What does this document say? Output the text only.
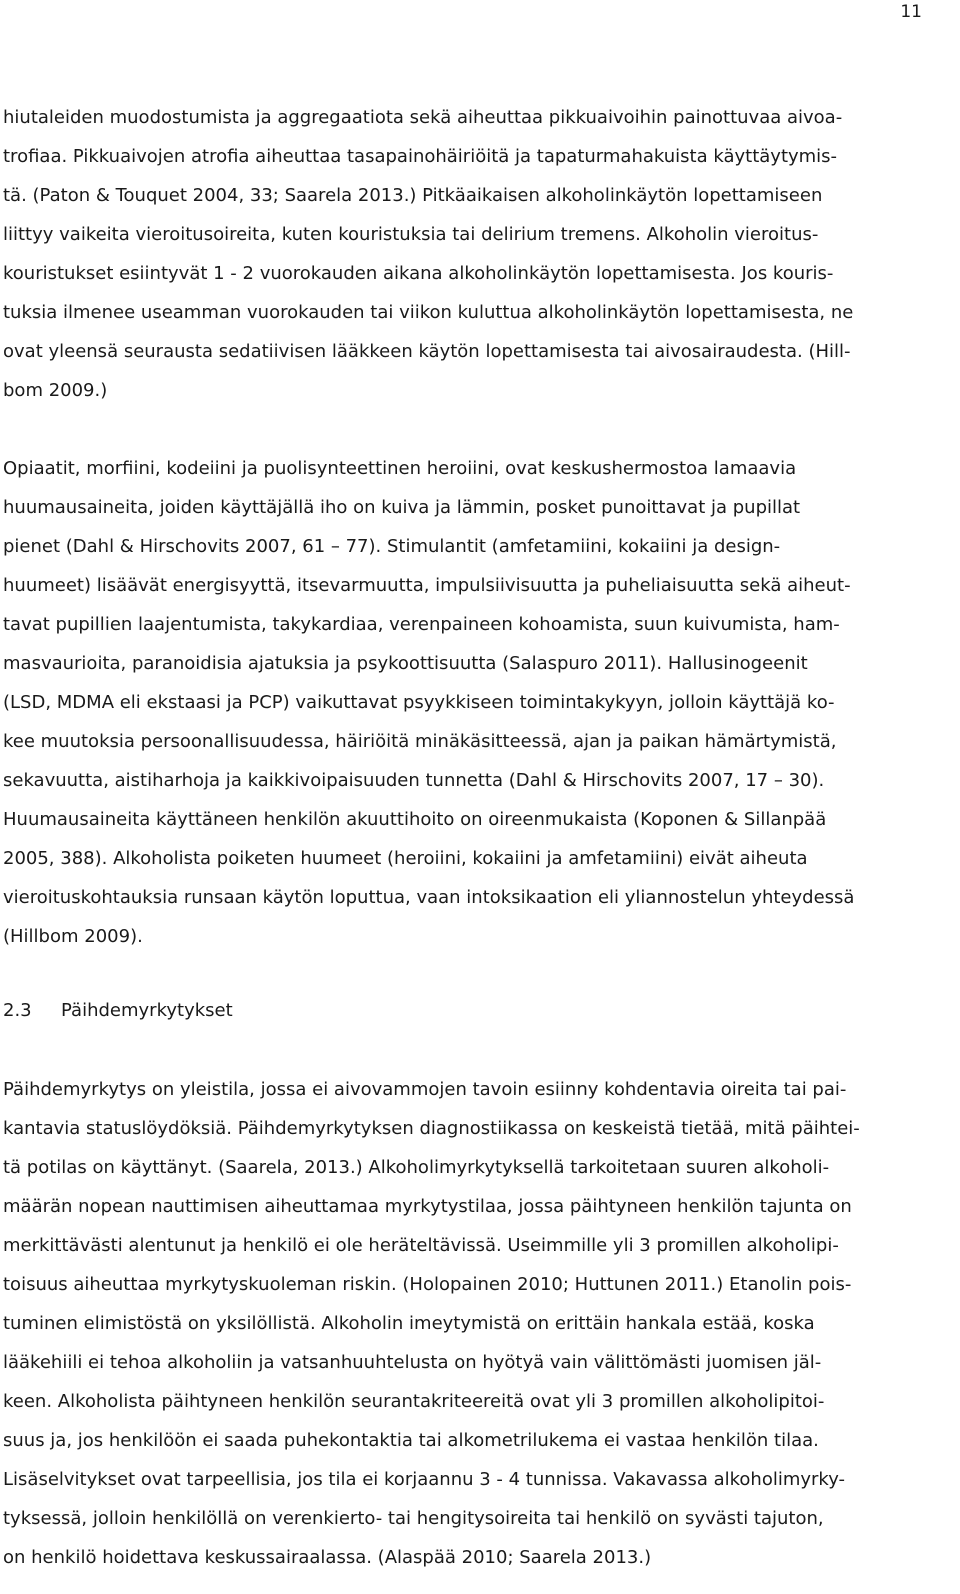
11
hiutaleiden muodostumista ja aggregaatiota sekä aiheuttaa pikkuaivoihin painottuvaa aivoa-
trofiaa. Pikkuaivojen atrofia aiheuttaa tasapainohäiriöitä ja tapaturmahakuista käyttäytymis-
tä. (Paton & Touquet 2004, 33; Saarela 2013.) Pitkäaikaisen alkoholinkäytön lopettamiseen
liittyy vaikeita vieroitusoireita, kuten kouristuksia tai delirium tremens. Alkoholin vieroitus-
kouristukset esiintyvät 1 - 2 vuorokauden aikana alkoholinkäytön lopettamisesta. Jos kouris-
tuksia ilmenee useamman vuorokauden tai viikon kuluttua alkoholinkäytön lopettamisesta, ne
ovat yleensä seurausta sedatiivisen lääkkeen käytön lopettamisesta tai aivosairaudesta. (Hill-
bom 2009.)
Opiaatit, morfiini, kodeiini ja puolisynteettinen heroiini, ovat keskushermostoa lamaavia
huumausaineita, joiden käyttäjällä iho on kuiva ja lämmin, posket punoittavat ja pupillat
pienet (Dahl & Hirschovits 2007, 61 – 77). Stimulantit (amfetamiini, kokaiini ja design-
huumeet) lisäävät energisyyttä, itsevarmuutta, impulsiivisuutta ja puheliaisuutta sekä aiheut-
tavat pupillien laajentumista, takykardiaa, verenpaineen kohoamista, suun kuivumista, ham-
masvaurioita, paranoidisia ajatuksia ja psykoottisuutta (Salaspuro 2011). Hallusinogeenit
(LSD, MDMA eli ekstaasi ja PCP) vaikuttavat psyykkiseen toimintakykyyn, jolloin käyttäjä ko-
kee muutoksia persoonallisuudessa, häiriöitä minäkäsitteessä, ajan ja paikan hämärtymistä,
sekavuutta, aistiharhoja ja kaikkivoipaisuuden tunnetta (Dahl & Hirschovits 2007, 17 – 30).
Huumausaineita käyttäneen henkilön akuuttihoito on oireenmukaista (Koponen & Sillanpää
2005, 388). Alkoholista poiketen huumeet (heroiini, kokaiini ja amfetamiini) eivät aiheuta
vieroituskohtauksia runsaan käytön loputtua, vaan intoksikaation eli yliannostelun yhteydessä
(Hillbom 2009).
2.3 Päihdemyrkytykset
Päihdemyrkytys on yleistila, jossa ei aivovammojen tavoin esiinny kohdentavia oireita tai pai-
kantavia statuslöydöksiä. Päihdemyrkytyksen diagnostiikassa on keskeistä tietää, mitä päihtei-
tä potilas on käyttänyt. (Saarela, 2013.) Alkoholimyrkytyksellä tarkoitetaan suuren alkoholi-
määrän nopean nauttimisen aiheuttamaa myrkytystilaa, jossa päihtyneen henkilön tajunta on
merkittävästi alentunut ja henkilö ei ole heräteltävissä. Useimmille yli 3 promillen alkoholipi-
toisuus aiheuttaa myrkytyskuoleman riskin. (Holopainen 2010; Huttunen 2011.) Etanolin pois-
tuminen elimistöstä on yksilöllistä. Alkoholin imeytymistä on erittäin hankala estää, koska
lääkehiili ei tehoa alkoholiin ja vatsanhuuhtelusta on hyötyä vain välittömästi juomisen jäl-
keen. Alkoholista päihtyneen henkilön seurantakriteereitä ovat yli 3 promillen alkoholipitoi-
suus ja, jos henkilöön ei saada puhekontaktia tai alkometrilukema ei vastaa henkilön tilaa.
Lisäselvitykset ovat tarpeellisia, jos tila ei korjaannu 3 - 4 tunnissa. Vakavassa alkoholimyrky-
tyksessä, jolloin henkilöllä on verenkierto- tai hengitysoireita tai henkilö on syvästi tajuton,
on henkilö hoidettava keskussairaalassa. (Alaspää 2010; Saarela 2013.)
